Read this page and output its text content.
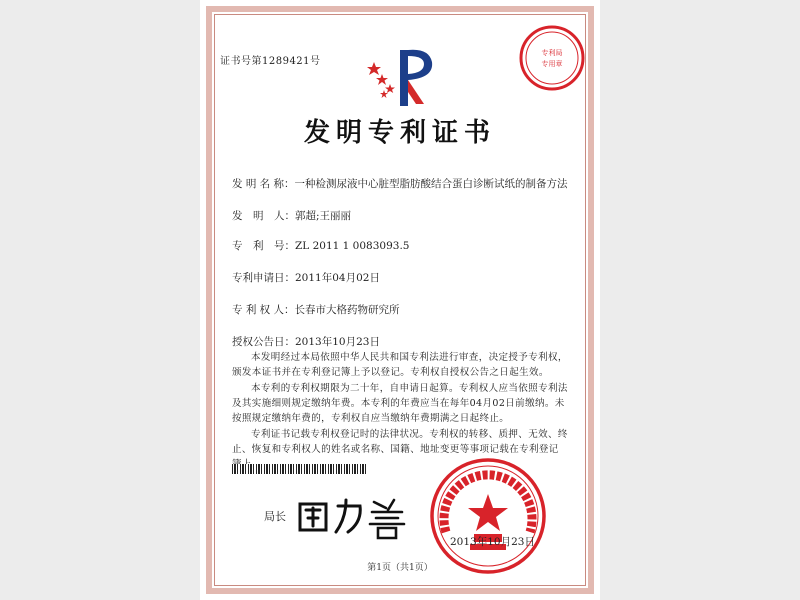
证书号第1289421号
专利局
专用章
发明专利证书
发 明 名 称：一种检测尿液中心脏型脂肪酸结合蛋白诊断试纸的制备方法
发　明　人：郭超;王丽丽
专　利　号：ZL 2011 1 0083093.5
专利申请日：2011年04月02日
专 利 权 人：长春市大格药物研究所
授权公告日：2013年10月23日

本发明经过本局依照中华人民共和国专利法进行审查，决定授予专利权，颁发本证书并在专利登记簿上予以登记。专利权自授权公告之日起生效。

本专利的专利权期限为二十年，自申请日起算。专利权人应当依照专利法及其实施细则规定缴纳年费。本专利的年费应当在每年04月02日前缴纳。未按照规定缴纳年费的，专利权自应当缴纳年费期满之日起终止。

专利证书记载专利权登记时的法律状况。专利权的转移、质押、无效、终止、恢复和专利权人的姓名或名称、国籍、地址变更等事项记载在专利登记

局长
2013年10月23日
第1页（共1页）
